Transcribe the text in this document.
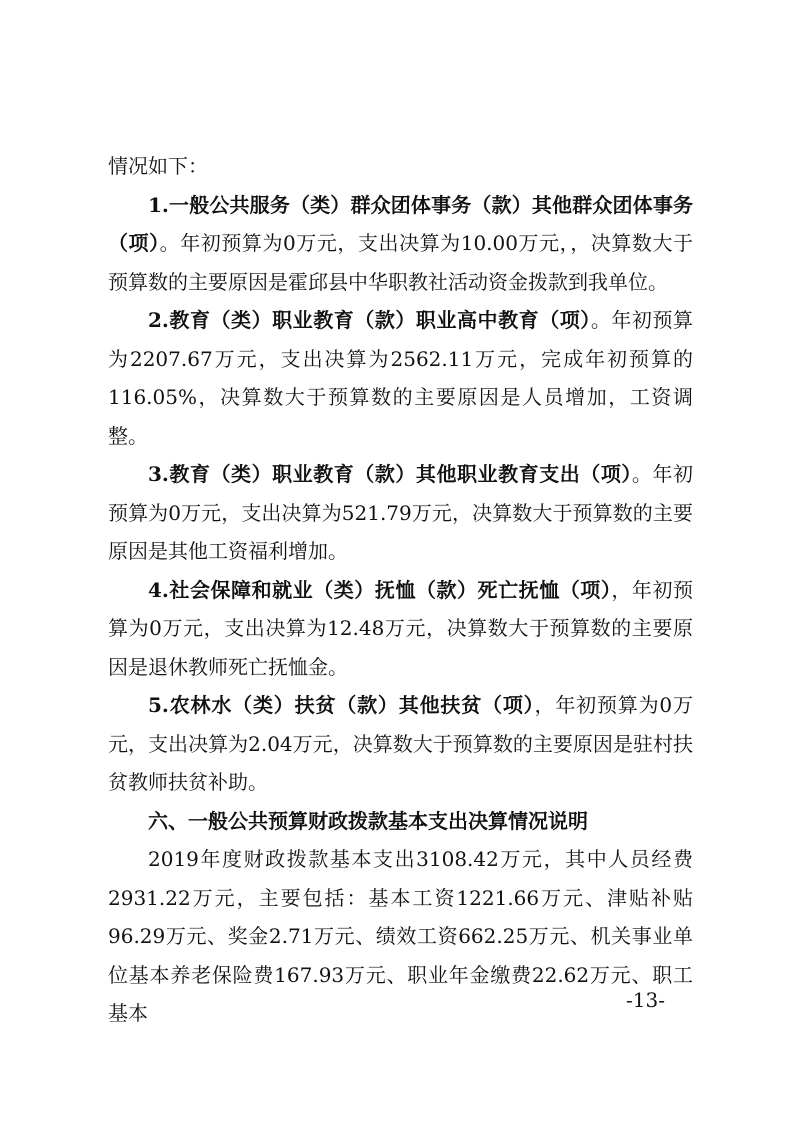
情况如下：

1.一般公共服务（类）群众团体事务（款）其他群众团体事务（项）。年初预算为0万元，支出决算为10.00万元，，决算数大于预算数的主要原因是霍邱县中华职教社活动资金拨款到我单位。

2.教育（类）职业教育（款）职业高中教育（项）。年初预算为2207.67万元，支出决算为2562.11万元，完成年初预算的116.05%，决算数大于预算数的主要原因是人员增加，工资调整。

3.教育（类）职业教育（款）其他职业教育支出（项）。年初预算为0万元，支出决算为521.79万元，决算数大于预算数的主要原因是其他工资福利增加。

4.社会保障和就业（类）抚恤（款）死亡抚恤（项），年初预算为0万元，支出决算为12.48万元，决算数大于预算数的主要原因是退休教师死亡抚恤金。

5.农林水（类）扶贫（款）其他扶贫（项），年初预算为0万元，支出决算为2.04万元，决算数大于预算数的主要原因是驻村扶贫教师扶贫补助。

六、一般公共预算财政拨款基本支出决算情况说明

2019年度财政拨款基本支出3108.42万元，其中人员经费2931.22万元，主要包括：基本工资1221.66万元、津贴补贴96.29万元、奖金2.71万元、绩效工资662.25万元、机关事业单位基本养老保险费167.93万元、职业年金缴费22.62万元、职工基本

-13-
